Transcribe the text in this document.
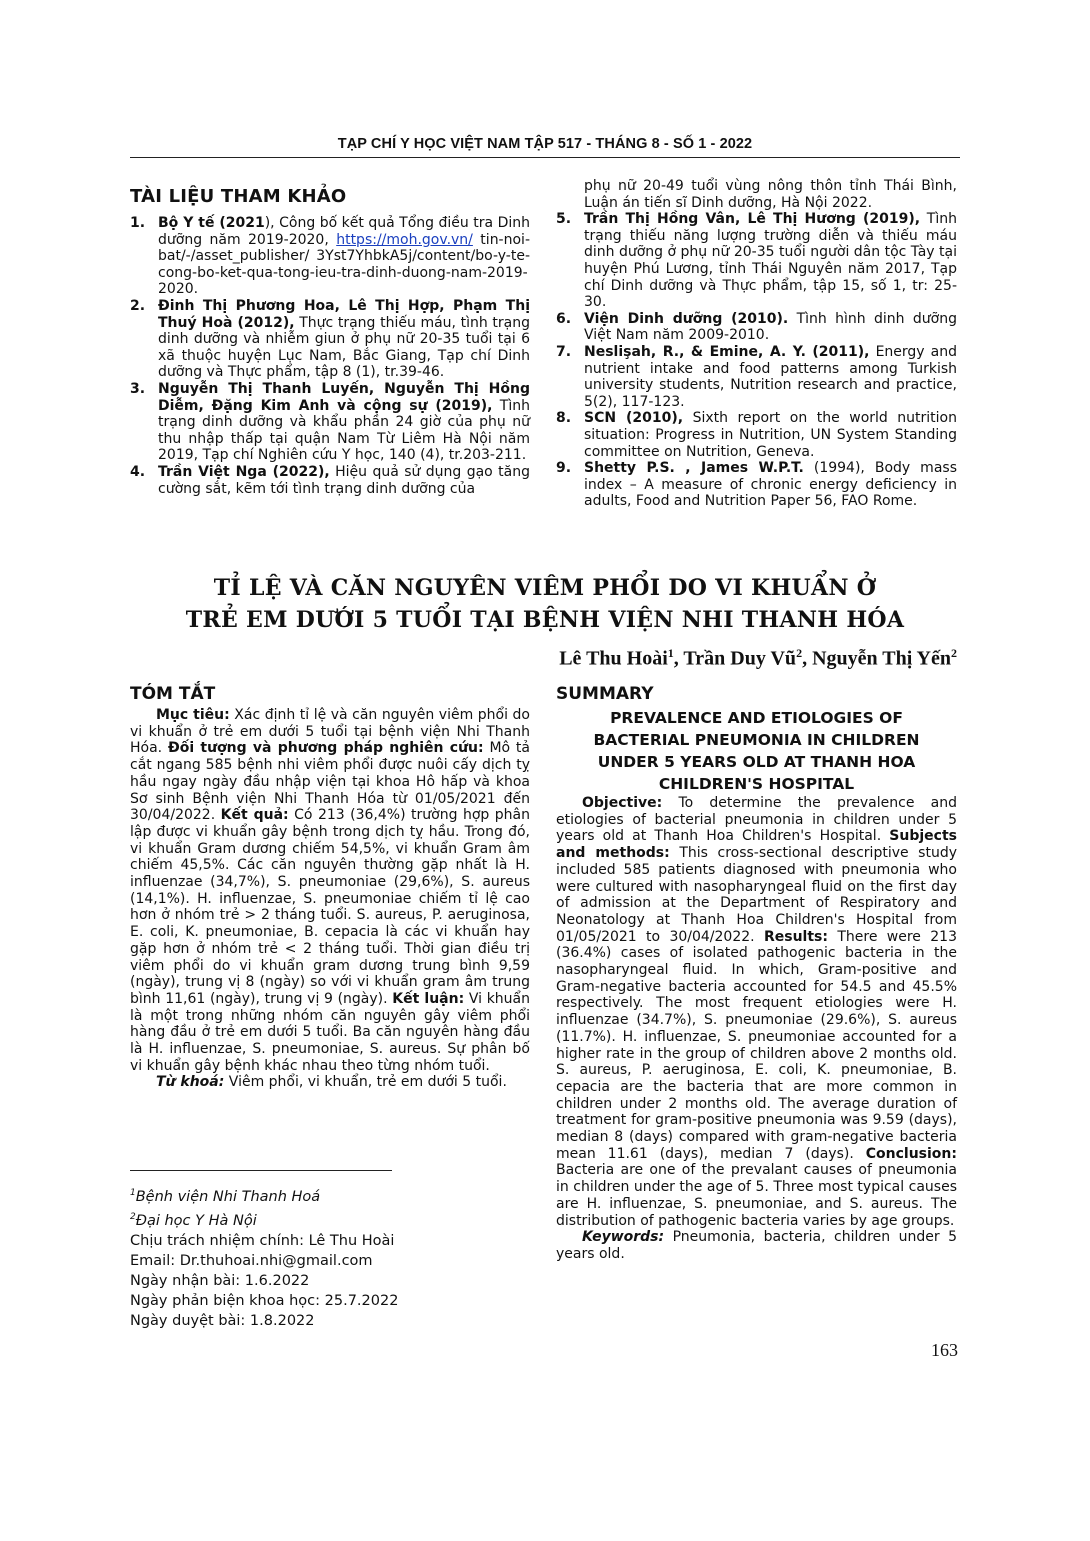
TẠP CHÍ Y HỌC VIỆT NAM TẬP 517 - THÁNG 8 - SỐ 1 - 2022
TÀI LIỆU THAM KHẢO

1. Bộ Y tế (2021), Công bố kết quả Tổng điều tra Dinh dưỡng năm 2019-2020, https://moh.gov.vn/ tin-noi-bat/-/asset_publisher/ 3Yst7YhbkA5j/content/bo-y-te-cong-bo-ket-qua-tong-ieu-tra-dinh-duong-nam-2019-2020.

2. Đinh Thị Phương Hoa, Lê Thị Hợp, Phạm Thị Thuý Hoà (2012), Thực trạng thiếu máu, tình trạng dinh dưỡng và nhiễm giun ở phụ nữ 20-35 tuổi tại 6 xã thuộc huyện Lục Nam, Bắc Giang, Tạp chí Dinh dưỡng và Thực phẩm, tập 8 (1), tr.39-46.

3. Nguyễn Thị Thanh Luyến, Nguyễn Thị Hồng Diễm, Đặng Kim Anh và cộng sự (2019), Tình trạng dinh dưỡng và khẩu phần 24 giờ của phụ nữ thu nhập thấp tại quận Nam Từ Liêm Hà Nội năm 2019, Tạp chí Nghiên cứu Y học, 140 (4), tr.203-211.

4. Trần Việt Nga (2022), Hiệu quả sử dụng gạo tăng cường sắt, kẽm tới tình trạng dinh dưỡng của

phụ nữ 20-49 tuổi vùng nông thôn tỉnh Thái Bình, Luận án tiến sĩ Dinh dưỡng, Hà Nội 2022.

5. Trần Thị Hồng Vân, Lê Thị Hương (2019), Tình trạng thiếu năng lượng trường diễn và thiếu máu dinh dưỡng ở phụ nữ 20-35 tuổi người dân tộc Tày tại huyện Phú Lương, tỉnh Thái Nguyên năm 2017, Tạp chí Dinh dưỡng và Thực phẩm, tập 15, số 1, tr: 25-30.

6. Viện Dinh dưỡng (2010). Tình hình dinh dưỡng Việt Nam năm 2009-2010.

7. Neslişah, R., & Emine, A. Y. (2011), Energy and nutrient intake and food patterns among Turkish university students, Nutrition research and practice, 5(2), 117-123.

8. SCN (2010), Sixth report on the world nutrition situation: Progress in Nutrition, UN System Standing committee on Nutrition, Geneva.

9. Shetty P.S. , James W.P.T. (1994), Body mass index – A measure of chronic energy deficiency in adults, Food and Nutrition Paper 56, FAO Rome.

TỈ LỆ VÀ CĂN NGUYÊN VIÊM PHỔI DO VI KHUẨN Ở
TRẺ EM DƯỚI 5 TUỔI TẠI BỆNH VIỆN NHI THANH HÓA
Lê Thu Hoài$^1$, Trần Duy $Vũ^2$, Nguyễn Thị Yến$^2$
TÓM TẮT

Mục tiêu: Xác định tỉ lệ và căn nguyên viêm phổi do vi khuẩn ở trẻ em dưới 5 tuổi tại bệnh viện Nhi Thanh Hóa. Đối tượng và phương pháp nghiên cứu: Mô tả cắt ngang 585 bệnh nhi viêm phổi được nuôi cấy dịch tỵ hầu ngay ngày đầu nhập viện tại khoa Hô hấp và khoa Sơ sinh Bệnh viện Nhi Thanh Hóa từ 01/05/2021 đến 30/04/2022. Kết quả: Có 213 (36,4%) trường hợp phân lập được vi khuẩn gây bệnh trong dịch tỵ hầu. Trong đó, vi khuẩn Gram dương chiếm 54,5%, vi khuẩn Gram âm chiếm 45,5%. Các căn nguyên thường gặp nhất là H. influenzae (34,7%), S. pneumoniae (29,6%), S. aureus (14,1%). H. influenzae, S. pneumoniae chiếm tỉ lệ cao hơn ở nhóm trẻ > 2 tháng tuổi. S. aureus, P. aeruginosa, E. coli, K. pneumoniae, B. cepacia là các vi khuẩn hay gặp hơn ở nhóm trẻ < 2 tháng tuổi. Thời gian điều trị viêm phổi do vi khuẩn gram dương trung bình 9,59 (ngày), trung vị 8 (ngày) so với vi khuẩn gram âm trung bình 11,61 (ngày), trung vị 9 (ngày). Kết luận: Vi khuẩn là một trong những nhóm căn nguyên gây viêm phổi hàng đầu ở trẻ em dưới 5 tuổi. Ba căn nguyên hàng đầu là H. influenzae, S. pneumoniae, S. aureus. Sự phân bố vi khuẩn gây bệnh khác nhau theo từng nhóm tuổi.

Từ khoá: Viêm phổi, vi khuẩn, trẻ em dưới 5 tuổi.

$^1$Bệnh viện Nhi Thanh Hoá
$^2$Đại học Y Hà Nội
Chịu trách nhiệm chính: Lê Thu Hoài
Email: Dr.thuhoai.nhi@gmail.com
Ngày nhận bài: 1.6.2022
Ngày phản biện khoa học: 25.7.2022
Ngày duyệt bài: 1.8.2022
SUMMARY
PREVALENCE AND ETIOLOGIES OF
BACTERIAL PNEUMONIA IN CHILDREN
UNDER 5 YEARS OLD AT THANH HOA
CHILDREN'S HOSPITAL

Objective: To determine the prevalence and etiologies of bacterial pneumonia in children under 5 years old at Thanh Hoa Children's Hospital. Subjects and methods: This cross-sectional descriptive study included 585 patients diagnosed with pneumonia who were cultured with nasopharyngeal fluid on the first day of admission at the Department of Respiratory and Neonatology at Thanh Hoa Children's Hospital from 01/05/2021 to 30/04/2022. Results: There were 213 (36.4%) cases of isolated pathogenic bacteria in the nasopharyngeal fluid. In which, Gram-positive and Gram-negative bacteria accounted for 54.5 and 45.5% respectively. The most frequent etiologies were H. influenzae (34.7%), S. pneumoniae (29.6%), S. aureus (11.7%). H. influenzae, S. pneumoniae accounted for a higher rate in the group of children above 2 months old. S. aureus, P. aeruginosa, E. coli, K. pneumoniae, B. cepacia are the bacteria that are more common in children under 2 months old. The average duration of treatment for gram-positive pneumonia was 9.59 (days), median 8 (days) compared with gram-negative bacteria mean 11.61 (days), median 7 (days). Conclusion: Bacteria are one of the prevalant causes of pneumonia in children under the age of 5. Three most typical causes are H. influenzae, S. pneumoniae, and S. aureus. The distribution of pathogenic bacteria varies by age groups.

Keywords: Pneumonia, bacteria, children under 5 years old.

163
